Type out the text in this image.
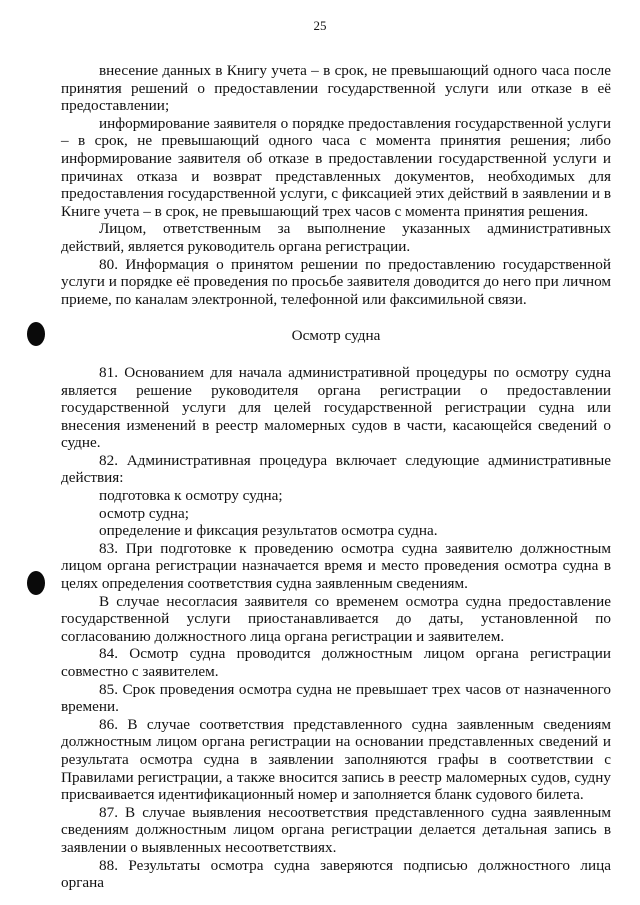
25

внесение данных в Книгу учета – в срок, не превышающий одного часа после принятия решений о предоставлении государственной услуги или отказе в её предоставлении;

информирование заявителя о порядке предоставления государственной услуги – в срок, не превышающий одного часа с момента принятия решения; либо информирование заявителя об отказе в предоставлении государственной услуги и причинах отказа и возврат представленных документов, необходимых для предоставления государственной услуги, с фиксацией этих действий в заявлении и в Книге учета – в срок, не превышающий трех часов с момента принятия решения.

Лицом, ответственным за выполнение указанных административных действий, является руководитель органа регистрации.

80. Информация о принятом решении по предоставлению государственной услуги и порядке её проведения по просьбе заявителя доводится до него при личном приеме, по каналам электронной, телефонной или факсимильной связи.

Осмотр судна

81. Основанием для начала административной процедуры по осмотру судна является решение руководителя органа регистрации о предоставлении государственной услуги для целей государственной регистрации судна или внесения изменений в реестр маломерных судов в части, касающейся сведений о судне.

82. Административная процедура включает следующие административные действия:

подготовка к осмотру судна;

осмотр судна;

определение и фиксация результатов осмотра судна.

83. При подготовке к проведению осмотра судна заявителю должностным лицом органа регистрации назначается время и место проведения осмотра судна в целях определения соответствия судна заявленным сведениям.

В случае несогласия заявителя со временем осмотра судна предоставление государственной услуги приостанавливается до даты, установленной по согласованию должностного лица органа регистрации и заявителем.

84. Осмотр судна проводится должностным лицом органа регистрации совместно с заявителем.

85. Срок проведения осмотра судна не превышает трех часов от назначенного времени.

86. В случае соответствия представленного судна заявленным сведениям должностным лицом органа регистрации на основании представленных сведений и результата осмотра судна в заявлении заполняются графы в соответствии с Правилами регистрации, а также вносится запись в реестр маломерных судов, судну присваивается идентификационный номер и заполняется бланк судового билета.

87. В случае выявления несоответствия представленного судна заявленным сведениям должностным лицом органа регистрации делается детальная запись в заявлении о выявленных несоответствиях.

88. Результаты осмотра судна заверяются подписью должностного лица органа
